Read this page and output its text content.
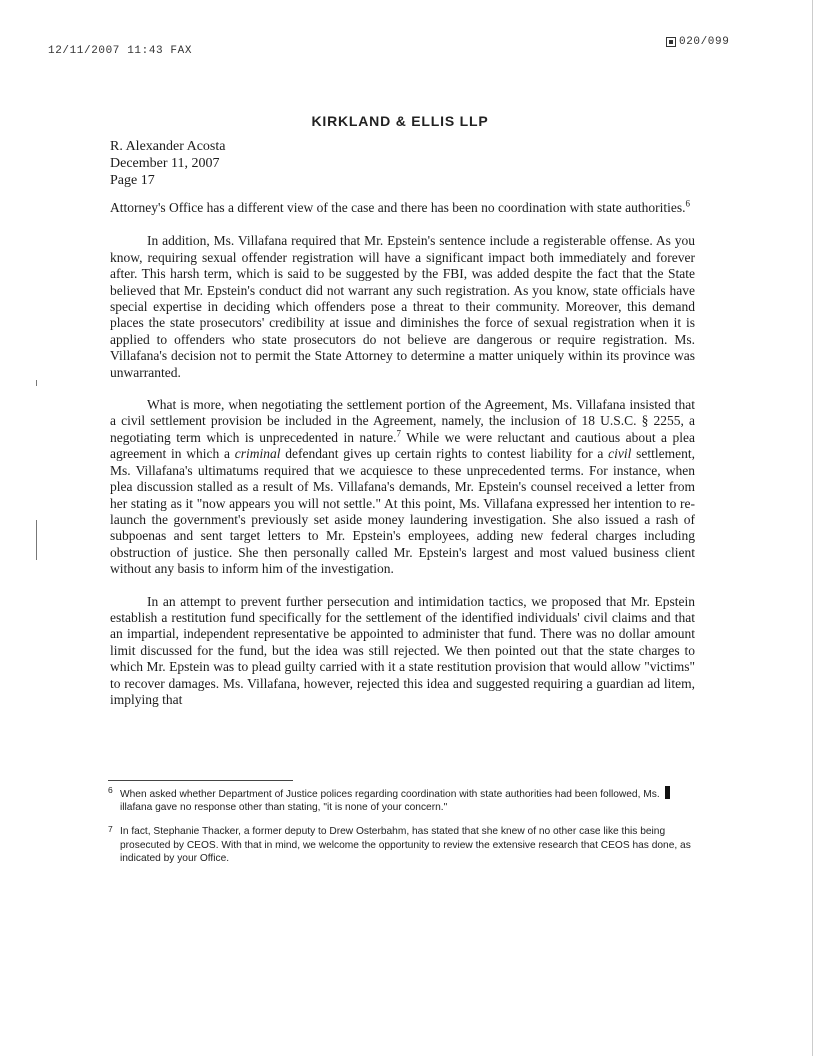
12/11/2007 11:43 FAX
020/099
KIRKLAND & ELLIS LLP
R. Alexander Acosta
December 11, 2007
Page 17

Attorney's Office has a different view of the case and there has been no coordination with state authorities.$^6$

In addition, Ms. Villafana required that Mr. Epstein's sentence include a registerable offense. As you know, requiring sexual offender registration will have a significant impact both immediately and forever after. This harsh term, which is said to be suggested by the FBI, was added despite the fact that the State believed that Mr. Epstein's conduct did not warrant any such registration. As you know, state officials have special expertise in deciding which offenders pose a threat to their community. Moreover, this demand places the state prosecutors' credibility at issue and diminishes the force of sexual registration when it is applied to offenders who state prosecutors do not believe are dangerous or require registration. Ms. Villafana's decision not to permit the State Attorney to determine a matter uniquely within its province was unwarranted.

What is more, when negotiating the settlement portion of the Agreement, Ms. Villafana insisted that a civil settlement provision be included in the Agreement, namely, the inclusion of 18 U.S.C. § 2255, a negotiating term which is unprecedented in nature.$^7$ While we were reluctant and cautious about a plea agreement in which a criminal defendant gives up certain rights to contest liability for a civil settlement, Ms. Villafana's ultimatums required that we acquiesce to these unprecedented terms. For instance, when plea discussion stalled as a result of Ms. Villafana's demands, Mr. Epstein's counsel received a letter from her stating as it "now appears you will not settle." At this point, Ms. Villafana expressed her intention to re-launch the government's previously set aside money laundering investigation. She also issued a rash of subpoenas and sent target letters to Mr. Epstein's employees, adding new federal charges including obstruction of justice. She then personally called Mr. Epstein's largest and most valued business client without any basis to inform him of the investigation.

In an attempt to prevent further persecution and intimidation tactics, we proposed that Mr. Epstein establish a restitution fund specifically for the settlement of the identified individuals' civil claims and that an impartial, independent representative be appointed to administer that fund. There was no dollar amount limit discussed for the fund, but the idea was still rejected. We then pointed out that the state charges to which Mr. Epstein was to plead guilty carried with it a state restitution provision that would allow "victims" to recover damages. Ms. Villafana, however, rejected this idea and suggested requiring a guardian ad litem, implying that

6 When asked whether Department of Justice polices regarding coordination with state authorities had been followed, Ms. illafana gave no response other than stating, "it is none of your concern."
7 In fact, Stephanie Thacker, a former deputy to Drew Osterbahm, has stated that she knew of no other case like this being prosecuted by CEOS. With that in mind, we welcome the opportunity to review the extensive research that CEOS has done, as indicated by your Office.
